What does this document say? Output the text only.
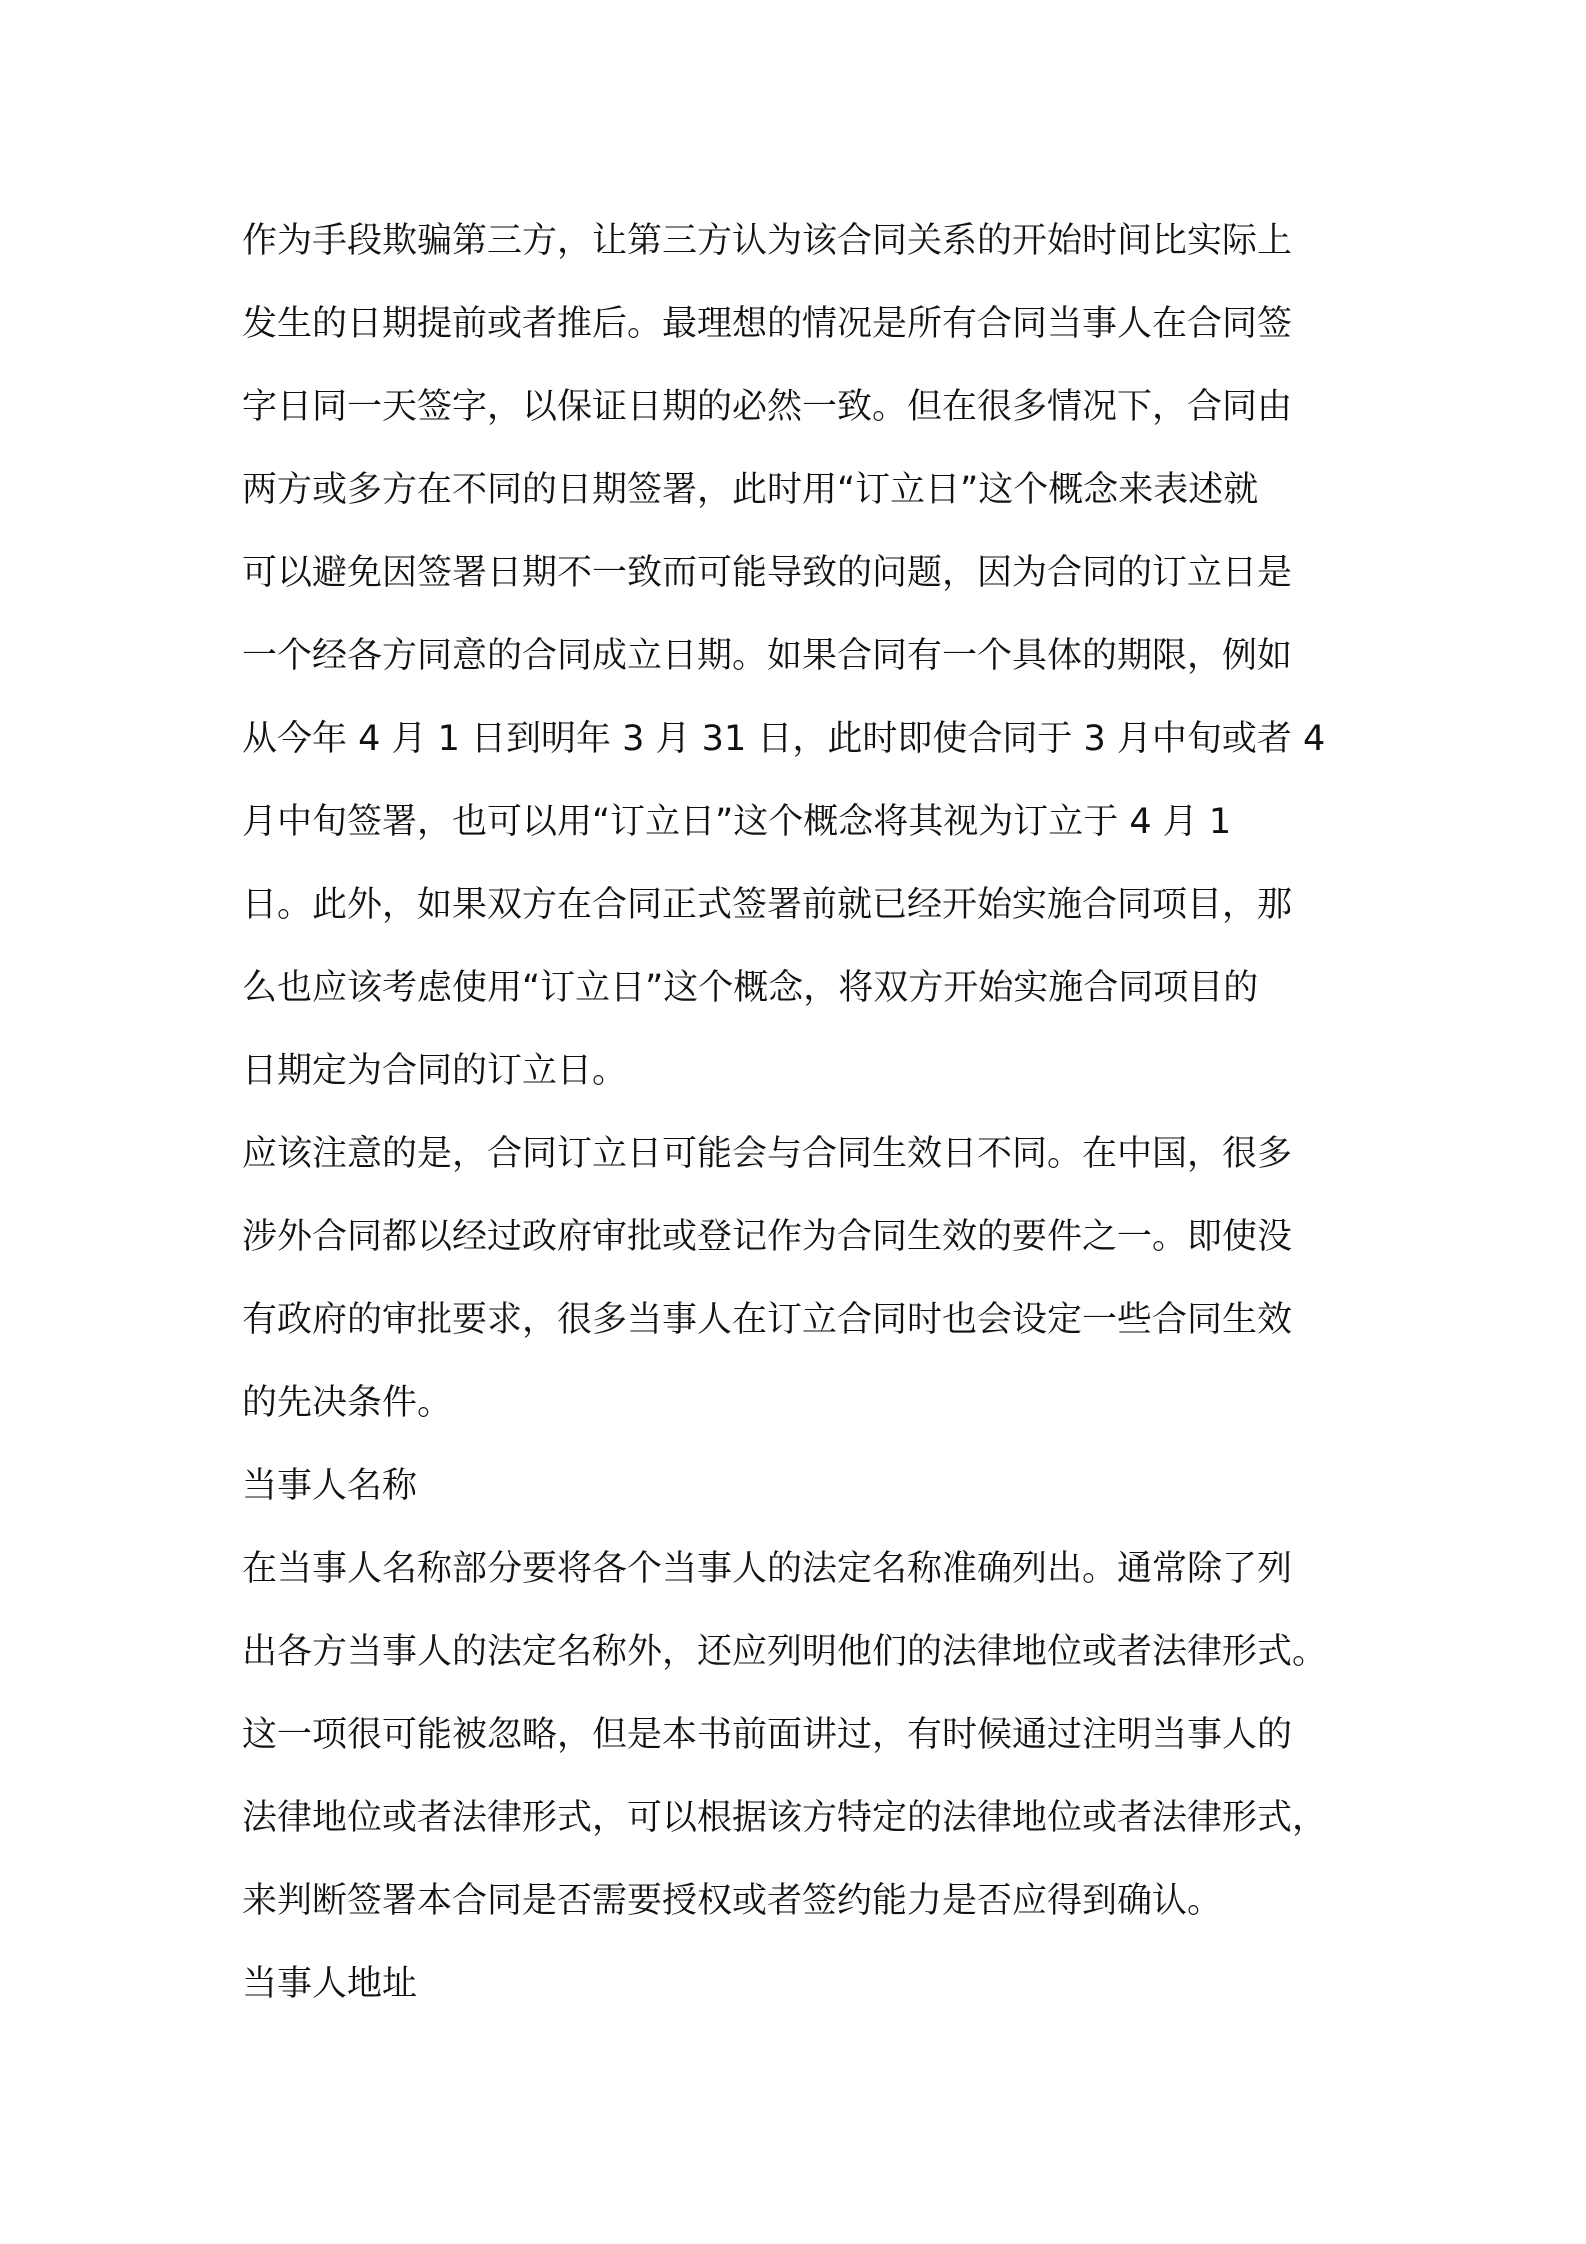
作为手段欺骗第三方，让第三方认为该合同关系的开始时间比实际上
发生的日期提前或者推后。最理想的情况是所有合同当事人在合同签
字日同一天签字，以保证日期的必然一致。但在很多情况下，合同由
两方或多方在不同的日期签署，此时用“订立日”这个概念来表述就
可以避免因签署日期不一致而可能导致的问题，因为合同的订立日是
一个经各方同意的合同成立日期。如果合同有一个具体的期限，例如
从今年 4 月 1 日到明年 3 月 31 日，此时即使合同于 3 月中旬或者 4
月中旬签署，也可以用“订立日”这个概念将其视为订立于 4 月 1
日。此外，如果双方在合同正式签署前就已经开始实施合同项目，那
么也应该考虑使用“订立日”这个概念，将双方开始实施合同项目的
日期定为合同的订立日。
应该注意的是，合同订立日可能会与合同生效日不同。在中国，很多
涉外合同都以经过政府审批或登记作为合同生效的要件之一。即使没
有政府的审批要求，很多当事人在订立合同时也会设定一些合同生效
的先决条件。
当事人名称
在当事人名称部分要将各个当事人的法定名称准确列出。通常除了列
出各方当事人的法定名称外，还应列明他们的法律地位或者法律形式。
这一项很可能被忽略，但是本书前面讲过，有时候通过注明当事人的
法律地位或者法律形式，可以根据该方特定的法律地位或者法律形式，
来判断签署本合同是否需要授权或者签约能力是否应得到确认。
当事人地址
